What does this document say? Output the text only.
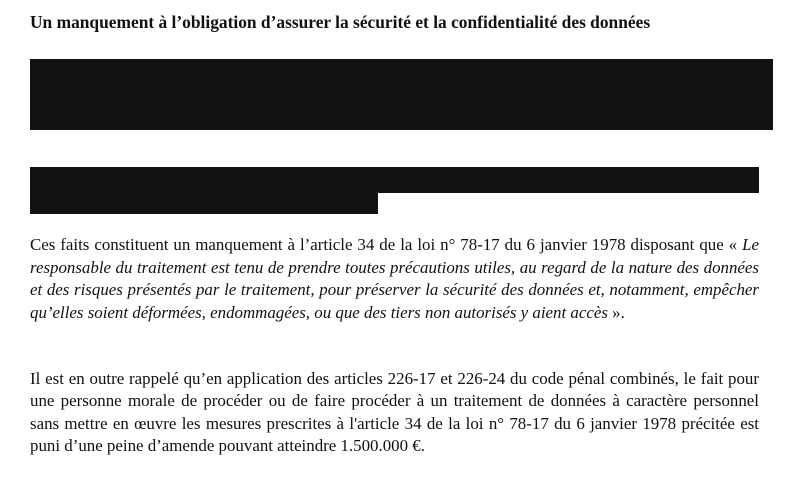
Un manquement à l’obligation d’assurer la sécurité et la confidentialité des données
Ces faits constituent un manquement à l’article 34 de la loi n° 78-17 du 6 janvier 1978 disposant que « Le responsable du traitement est tenu de prendre toutes précautions utiles, au regard de la nature des données et des risques présentés par le traitement, pour préserver la sécurité des données et, notamment, empêcher qu’elles soient déformées, endommagées, ou que des tiers non autorisés y aient accès ».
Il est en outre rappelé qu’en application des articles 226-17 et 226-24 du code pénal combinés, le fait pour une personne morale de procéder ou de faire procéder à un traitement de données à caractère personnel sans mettre en œuvre les mesures prescrites à l'article 34 de la loi n° 78-17 du 6 janvier 1978 précitée est puni d’une peine d’amende pouvant atteindre 1.500.000 €.
